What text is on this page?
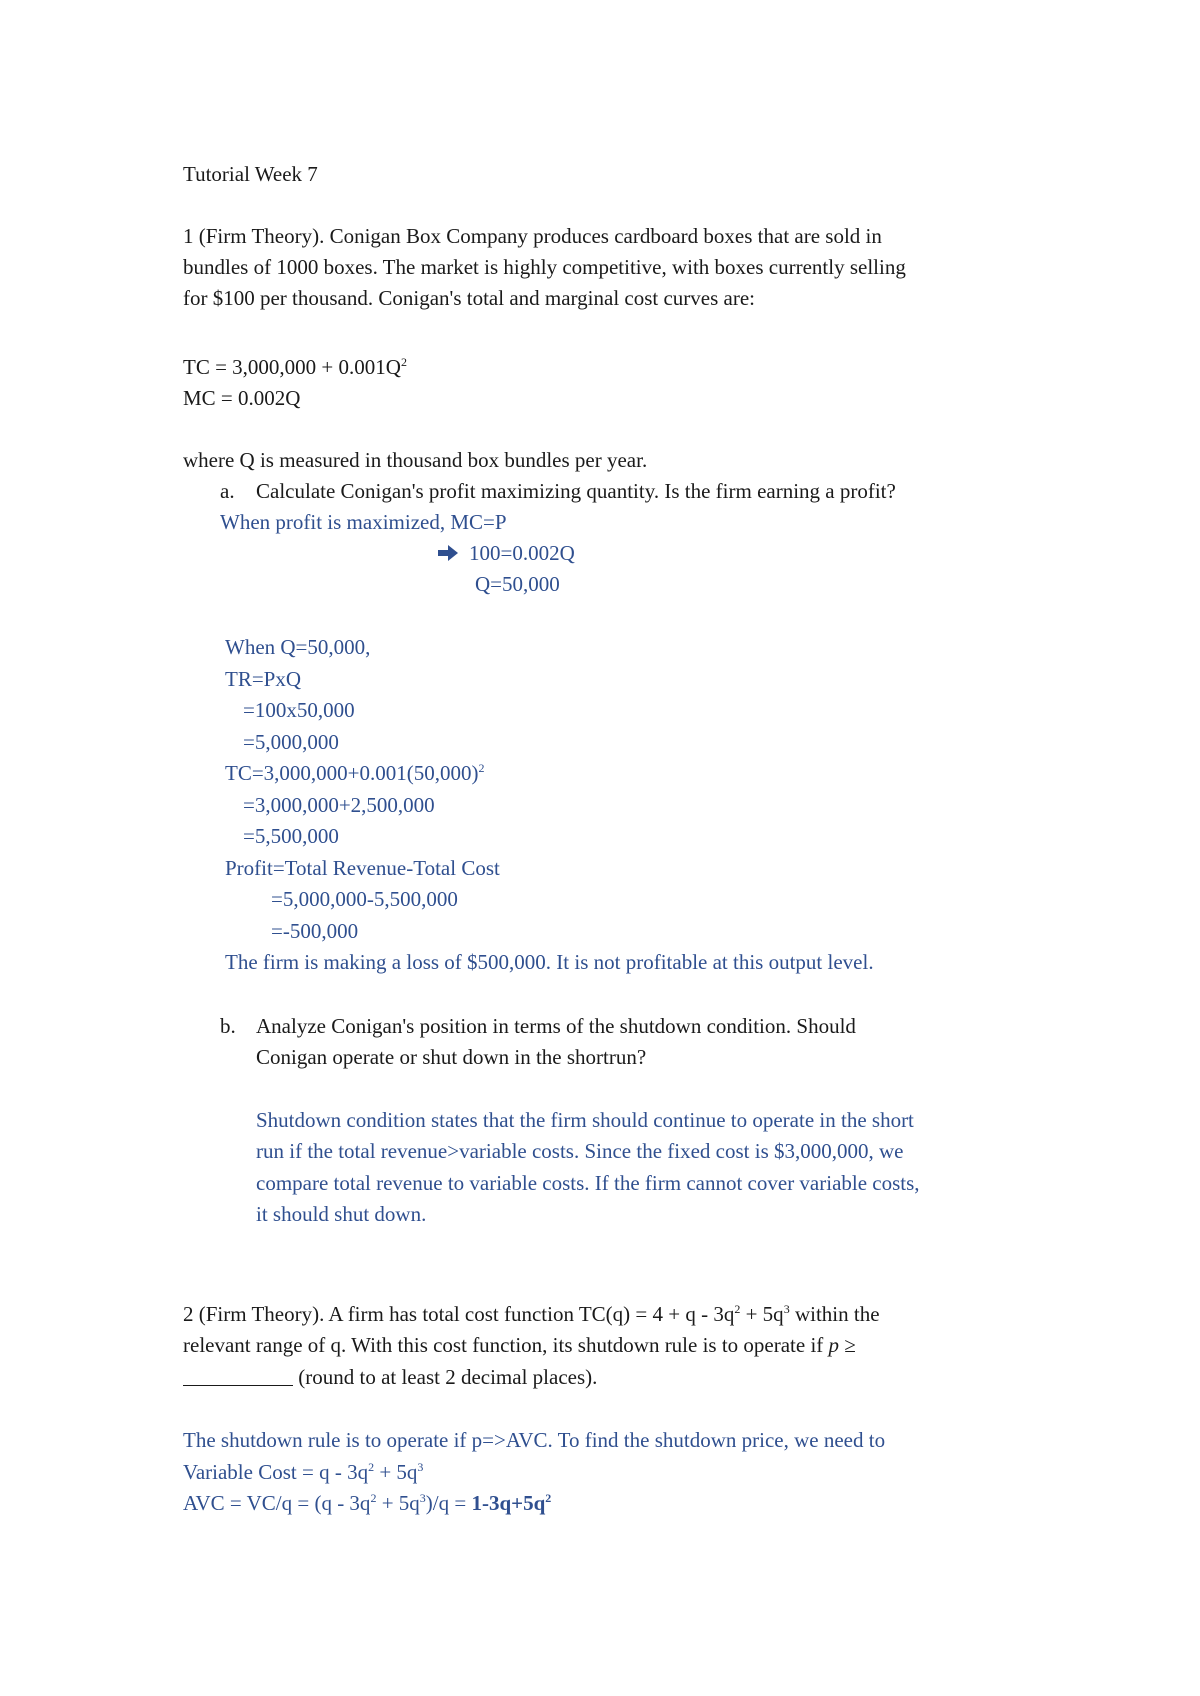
Tutorial Week 7

1 (Firm Theory). Conigan Box Company produces cardboard boxes that are sold in

bundles of 1000 boxes. The market is highly competitive, with boxes currently selling

for $100 per thousand. Conigan's total and marginal cost curves are:

TC = $3,000,000 + 0.001Q^2$

MC = 0.002Q

where Q is measured in thousand box bundles per year.

a. Calculate Conigan's profit maximizing quantity. Is the firm earning a profit?

When profit is maximized, MC=P

100=0.002Q

Q=50,000

When Q=50,000,

TR=PxQ

=100x50,000

=5,000,000

$TC=3,000,000+0.001(50,000)^2$

=3,000,000+2,500,000

=5,500,000

Profit=Total Revenue-Total Cost

=5,000,000-5,500,000

=-500,000

The firm is making a loss of $500,000. It is not profitable at this output level.

b. Analyze Conigan's position in terms of the shutdown condition. Should

Conigan operate or shut down in the shortrun?

Shutdown condition states that the firm should continue to operate in the short

run if the total revenue>variable costs. Since the fixed cost is $3,000,000, we

compare total revenue to variable costs. If the firm cannot cover variable costs,

it should shut down.

2 (Firm Theory). A firm has total cost function $TC(q) = 4 + q - 3q^2 + 5q^3$ within the

relevant range of q. With this cost function, its shutdown rule is to operate if p ≥

(round to at least 2 decimal places).

The shutdown rule is to operate if p=>AVC. To find the shutdown price, we need to

Variable Cost = $q - 3q^2 + 5q^3$

AVC = $VC/q = (q - 3q^2 + 5q^3)/q = 1-3q+5q^2$
